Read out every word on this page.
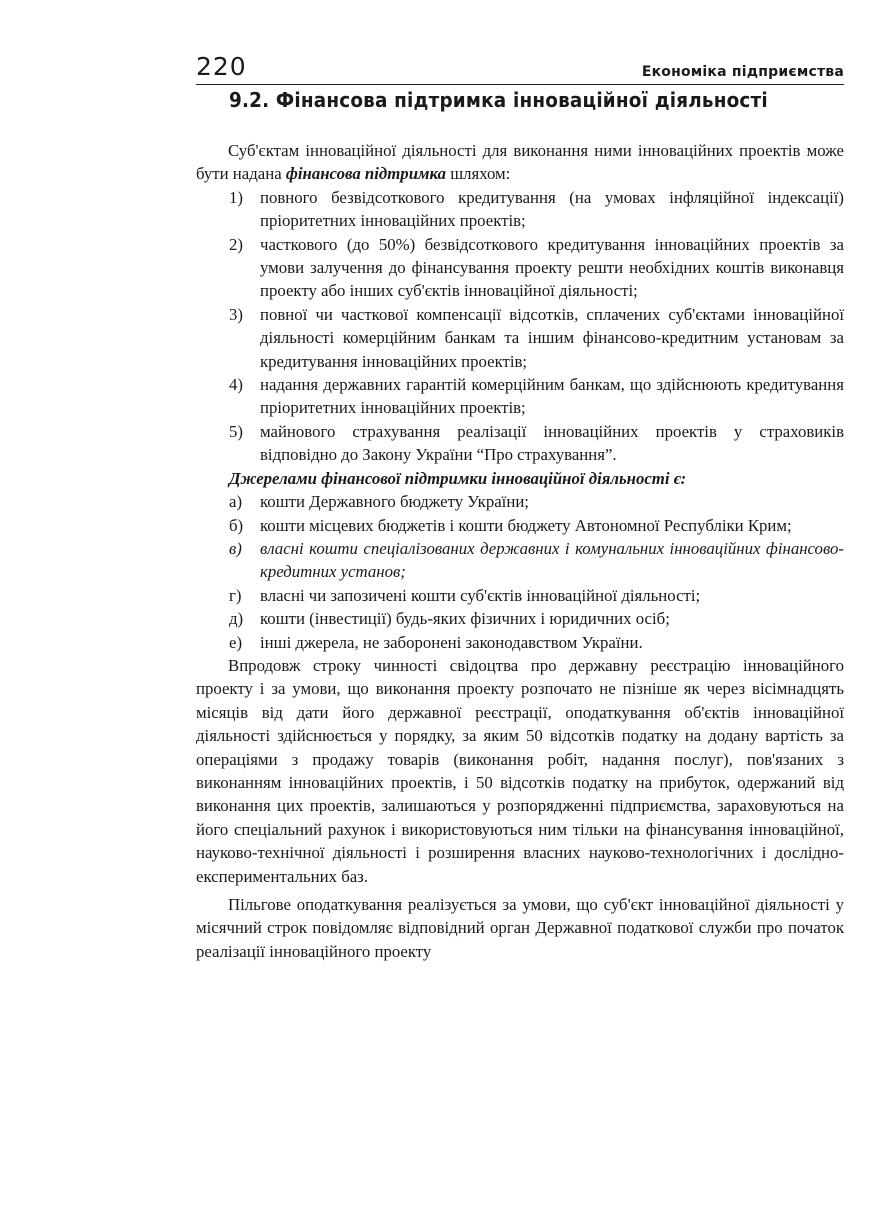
220	Економіка підприємства
9.2. Фінансова підтримка інноваційної діяльності

Суб'єктам інноваційної діяльності для виконання ними інноваційних проектів може бути надана фінансова підтримка шляхом:

1) повного безвідсоткового кредитування (на умовах інфляційної індексації) пріоритетних інноваційних проектів;
2) часткового (до 50%) безвідсоткового кредитування інноваційних проектів за умови залучення до фінансування проекту решти необхідних коштів виконавця проекту або інших суб'єктів інноваційної діяльності;
3) повної чи часткової компенсації відсотків, сплачених суб'єктами інноваційної діяльності комерційним банкам та іншим фінансово-кредитним установам за кредитування інноваційних проектів;
4) надання державних гарантій комерційним банкам, що здійснюють кредитування пріоритетних інноваційних проектів;
5) майнового страхування реалізації інноваційних проектів у страховиків відповідно до Закону України “Про страхування”.

Джерелами фінансової підтримки інноваційної діяльності є:

а) кошти Державного бюджету України;
б) кошти місцевих бюджетів і кошти бюджету Автономної Республіки Крим;
в) власні кошти спеціалізованих державних і комунальних інноваційних фінансово-кредитних установ;
г) власні чи запозичені кошти суб'єктів інноваційної діяльності;
д) кошти (інвестиції) будь-яких фізичних і юридичних осіб;
е) інші джерела, не заборонені законодавством України.

Впродовж строку чинності свідоцтва про державну реєстрацію інноваційного проекту і за умови, що виконання проекту розпочато не пізніше як через вісімнадцять місяців від дати його державної реєстрації, оподаткування об'єктів інноваційної діяльності здійснюється у порядку, за яким 50 відсотків податку на додану вартість за операціями з продажу товарів (виконання робіт, надання послуг), пов'язаних з виконанням інноваційних проектів, і 50 відсотків податку на прибуток, одержаний від виконання цих проектів, залишаються у розпорядженні підприємства, зараховуються на його спеціальний рахунок і використовуються ним тільки на фінансування інноваційної, науково-технічної діяльності і розширення власних науково-технологічних і дослідно-експериментальних баз.

Пільгове оподаткування реалізується за умови, що суб'єкт інноваційної діяльності у місячний строк повідомляє відповідний орган Державної податкової служби про початок реалізації інноваційного проекту
